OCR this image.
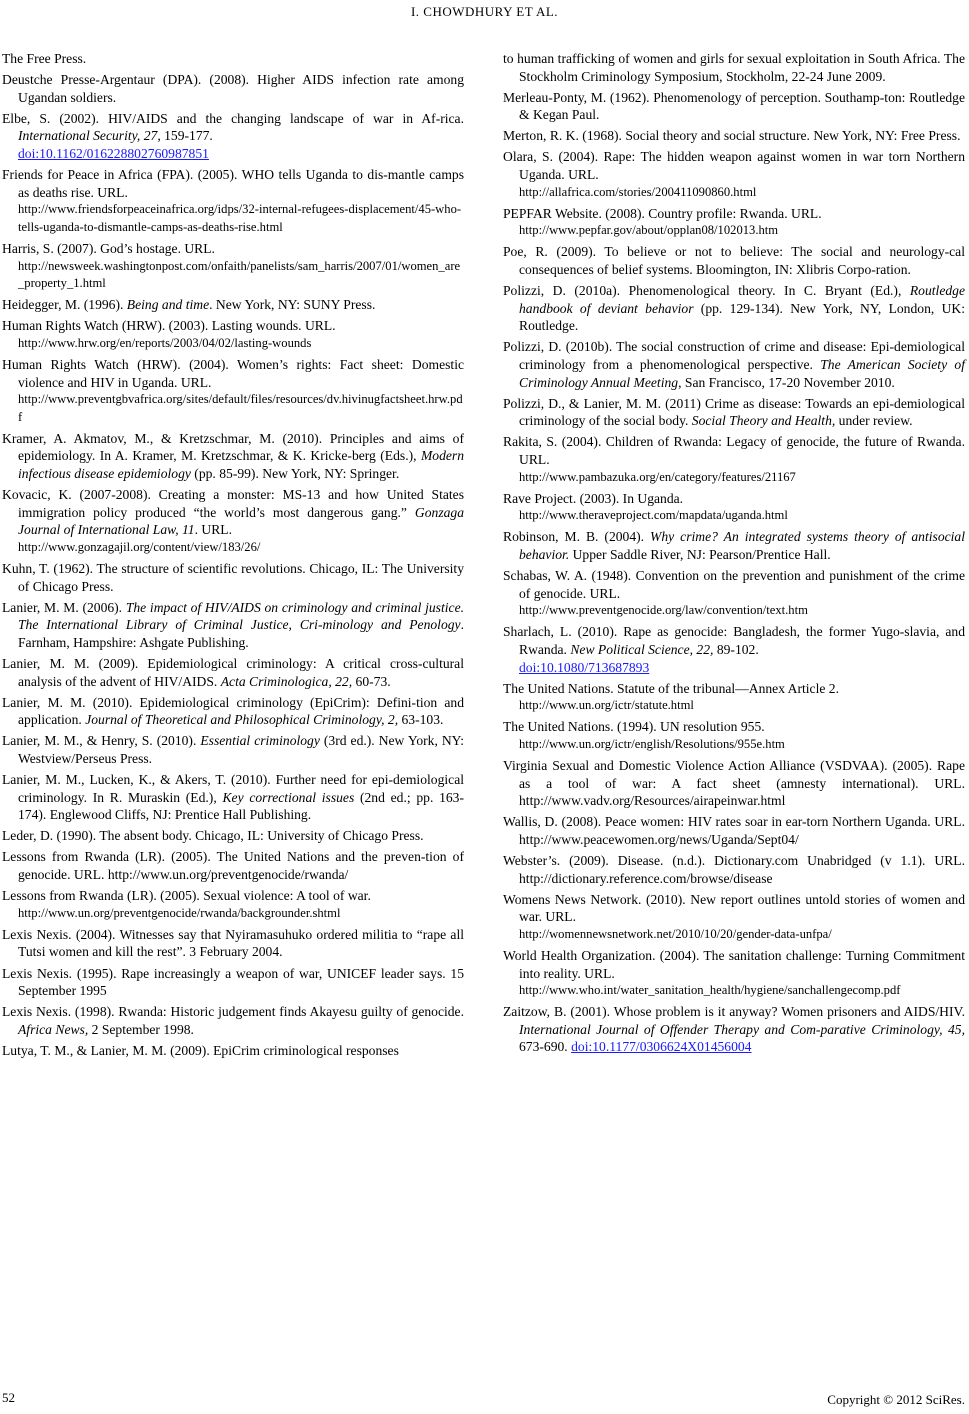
I. CHOWDHURY ET AL.

The Free Press.

Deustche Presse-Argentaur (DPA). (2008). Higher AIDS infection rate among Ugandan soldiers.

Elbe, S. (2002). HIV/AIDS and the changing landscape of war in Af-rica. International Security, 27, 159-177.
doi:10.1162/016228802760987851

Friends for Peace in Africa (FPA). (2005). WHO tells Uganda to dis-mantle camps as deaths rise. URL.
http://www.friendsforpeaceinafrica.org/idps/32-internal-refugees-displacement/45-who-tells-uganda-to-dismantle-camps-as-deaths-rise.html

Harris, S. (2007). God’s hostage. URL.
http://newsweek.washingtonpost.com/onfaith/panelists/sam_harris/2007/01/women_are_property_1.html

Heidegger, M. (1996). Being and time. New York, NY: SUNY Press.

Human Rights Watch (HRW). (2003). Lasting wounds. URL.
http://www.hrw.org/en/reports/2003/04/02/lasting-wounds

Human Rights Watch (HRW). (2004). Women’s rights: Fact sheet: Domestic violence and HIV in Uganda. URL.
http://www.preventgbvafrica.org/sites/default/files/resources/dv.hivinugfactsheet.hrw.pdf

Kramer, A. Akmatov, M., & Kretzschmar, M. (2010). Principles and aims of epidemiology. In A. Kramer, M. Kretzschmar, & K. Kricke-berg (Eds.), Modern infectious disease epidemiology (pp. 85-99). New York, NY: Springer.

Kovacic, K. (2007-2008). Creating a monster: MS-13 and how United States immigration policy produced “the world’s most dangerous gang.” Gonzaga Journal of International Law, 11. URL.
http://www.gonzagajil.org/content/view/183/26/

Kuhn, T. (1962). The structure of scientific revolutions. Chicago, IL: The University of Chicago Press.

Lanier, M. M. (2006). The impact of HIV/AIDS on criminology and criminal justice. The International Library of Criminal Justice, Cri-minology and Penology. Farnham, Hampshire: Ashgate Publishing.

Lanier, M. M. (2009). Epidemiological criminology: A critical cross-cultural analysis of the advent of HIV/AIDS. Acta Criminologica, 22, 60-73.

Lanier, M. M. (2010). Epidemiological criminology (EpiCrim): Defini-tion and application. Journal of Theoretical and Philosophical Criminology, 2, 63-103.

Lanier, M. M., & Henry, S. (2010). Essential criminology (3rd ed.). New York, NY: Westview/Perseus Press.

Lanier, M. M., Lucken, K., & Akers, T. (2010). Further need for epi-demiological criminology. In R. Muraskin (Ed.), Key correctional issues (2nd ed.; pp. 163-174). Englewood Cliffs, NJ: Prentice Hall Publishing.

Leder, D. (1990). The absent body. Chicago, IL: University of Chicago Press.

Lessons from Rwanda (LR). (2005). The United Nations and the preven-tion of genocide. URL. http://www.un.org/preventgenocide/rwanda/

Lessons from Rwanda (LR). (2005). Sexual violence: A tool of war.
http://www.un.org/preventgenocide/rwanda/backgrounder.shtml

Lexis Nexis. (2004). Witnesses say that Nyiramasuhuko ordered militia to “rape all Tutsi women and kill the rest”. 3 February 2004.

Lexis Nexis. (1995). Rape increasingly a weapon of war, UNICEF leader says. 15 September 1995

Lexis Nexis. (1998). Rwanda: Historic judgement finds Akayesu guilty of genocide. Africa News, 2 September 1998.

Lutya, T. M., & Lanier, M. M. (2009). EpiCrim criminological responses

to human trafficking of women and girls for sexual exploitation in South Africa. The Stockholm Criminology Symposium, Stockholm, 22-24 June 2009.

Merleau-Ponty, M. (1962). Phenomenology of perception. Southamp-ton: Routledge & Kegan Paul.

Merton, R. K. (1968). Social theory and social structure. New York, NY: Free Press.

Olara, S. (2004). Rape: The hidden weapon against women in war torn Northern Uganda. URL.
http://allafrica.com/stories/200411090860.html

PEPFAR Website. (2008). Country profile: Rwanda. URL.
http://www.pepfar.gov/about/opplan08/102013.htm

Poe, R. (2009). To believe or not to believe: The social and neurology-cal consequences of belief systems. Bloomington, IN: Xlibris Corpo-ration.

Polizzi, D. (2010a). Phenomenological theory. In C. Bryant (Ed.), Routledge handbook of deviant behavior (pp. 129-134). New York, NY, London, UK: Routledge.

Polizzi, D. (2010b). The social construction of crime and disease: Epi-demiological criminology from a phenomenological perspective. The American Society of Criminology Annual Meeting, San Francisco, 17-20 November 2010.

Polizzi, D., & Lanier, M. M. (2011) Crime as disease: Towards an epi-demiological criminology of the social body. Social Theory and Health, under review.

Rakita, S. (2004). Children of Rwanda: Legacy of genocide, the future of Rwanda. URL.
http://www.pambazuka.org/en/category/features/21167

Rave Project. (2003). In Uganda.
http://www.theraveproject.com/mapdata/uganda.html

Robinson, M. B. (2004). Why crime? An integrated systems theory of antisocial behavior. Upper Saddle River, NJ: Pearson/Prentice Hall.

Schabas, W. A. (1948). Convention on the prevention and punishment of the crime of genocide. URL.
http://www.preventgenocide.org/law/convention/text.htm

Sharlach, L. (2010). Rape as genocide: Bangladesh, the former Yugo-slavia, and Rwanda. New Political Science, 22, 89-102.
doi:10.1080/713687893

The United Nations. Statute of the tribunal—Annex Article 2.
http://www.un.org/ictr/statute.html

The United Nations. (1994). UN resolution 955.
http://www.un.org/ictr/english/Resolutions/955e.htm

Virginia Sexual and Domestic Violence Action Alliance (VSDVAA). (2005). Rape as a tool of war: A fact sheet (amnesty international). URL. http://www.vadv.org/Resources/airapeinwar.html

Wallis, D. (2008). Peace women: HIV rates soar in ear-torn Northern Uganda. URL. http://www.peacewomen.org/news/Uganda/Sept04/

Webster’s. (2009). Disease. (n.d.). Dictionary.com Unabridged (v 1.1). URL. http://dictionary.reference.com/browse/disease

Womens News Network. (2010). New report outlines untold stories of women and war. URL.
http://womennewsnetwork.net/2010/10/20/gender-data-unfpa/

World Health Organization. (2004). The sanitation challenge: Turning Commitment into reality. URL.
http://www.who.int/water_sanitation_health/hygiene/sanchallengecomp.pdf

Zaitzow, B. (2001). Whose problem is it anyway? Women prisoners and AIDS/HIV. International Journal of Offender Therapy and Com-parative Criminology, 45, 673-690. doi:10.1177/0306624X01456004

52	Copyright © 2012 SciRes.
